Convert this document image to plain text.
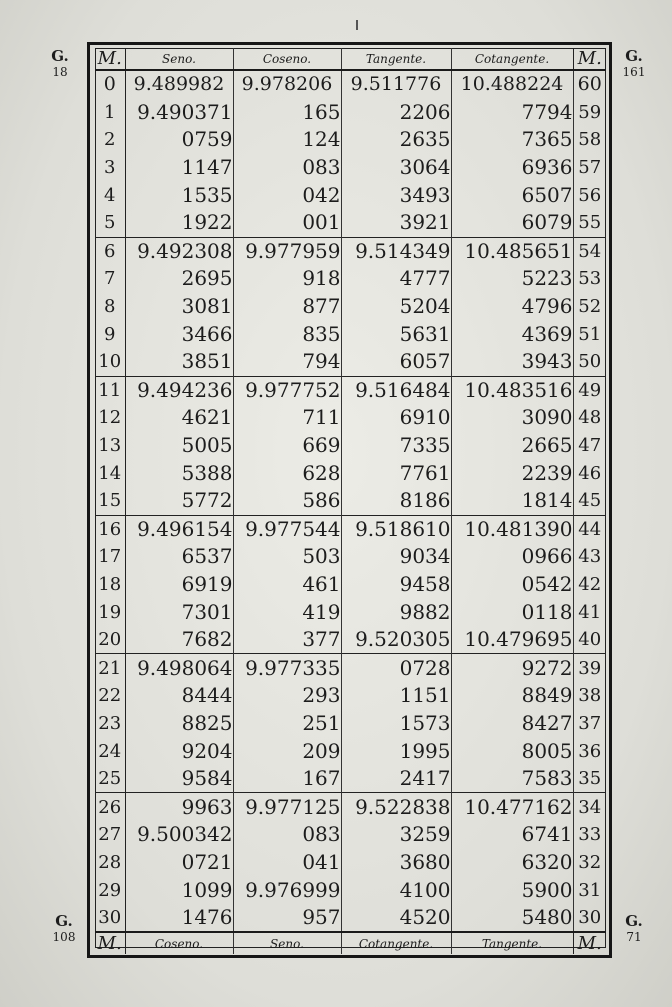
G.
18
G.
161
G.
108
G.
71
M.	Seno.	Coseno.	Tangente.	Cotangente.	M.
0	9.489982	9.978206	9.511776	10.488224	60
1	9.490371	165	2206	7794	59
2	0759	124	2635	7365	58
3	1147	083	3064	6936	57
4	1535	042	3493	6507	56
5	1922	001	3921	6079	55
6	9.492308	9.977959	9.514349	10.485651	54
7	2695	918	4777	5223	53
8	3081	877	5204	4796	52
9	3466	835	5631	4369	51
10	3851	794	6057	3943	50
11	9.494236	9.977752	9.516484	10.483516	49
12	4621	711	6910	3090	48
13	5005	669	7335	2665	47
14	5388	628	7761	2239	46
15	5772	586	8186	1814	45
16	9.496154	9.977544	9.518610	10.481390	44
17	6537	503	9034	0966	43
18	6919	461	9458	0542	42
19	7301	419	9882	0118	41
20	7682	377	9.520305	10.479695	40
21	9.498064	9.977335	0728	9272	39
22	8444	293	1151	8849	38
23	8825	251	1573	8427	37
24	9204	209	1995	8005	36
25	9584	167	2417	7583	35
26	9963	9.977125	9.522838	10.477162	34
27	9.500342	083	3259	6741	33
28	0721	041	3680	6320	32
29	1099	9.976999	4100	5900	31
30	1476	957	4520	5480	30
M.	Coseno.	Seno.	Cotangente.	Tangente.	M.
